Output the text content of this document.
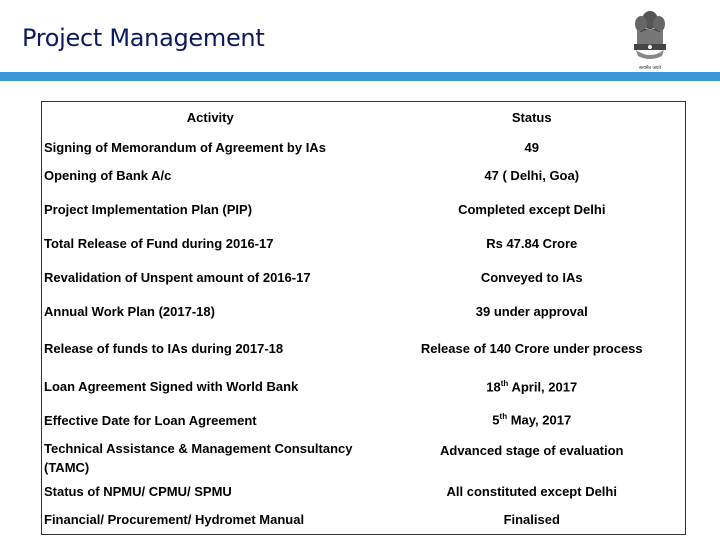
Project Management
सत्यमेव जयते
Activity	Status
Signing of Memorandum of Agreement by IAs	49
Opening of Bank A/c	47 ( Delhi, Goa)
Project Implementation Plan (PIP)	Completed except Delhi
Total Release of Fund during 2016-17	Rs 47.84 Crore
Revalidation of Unspent amount of 2016-17	Conveyed to IAs
Annual Work Plan (2017-18)	39 under approval
Release of funds to IAs during 2017-18	Release of 140 Crore under process
Loan Agreement Signed with World Bank	18th April, 2017
Effective Date for Loan Agreement	5th May, 2017
Technical Assistance & Management Consultancy (TAMC)	Advanced stage of evaluation
Status of NPMU/ CPMU/ SPMU	All constituted except Delhi
Financial/ Procurement/ Hydromet Manual	Finalised
